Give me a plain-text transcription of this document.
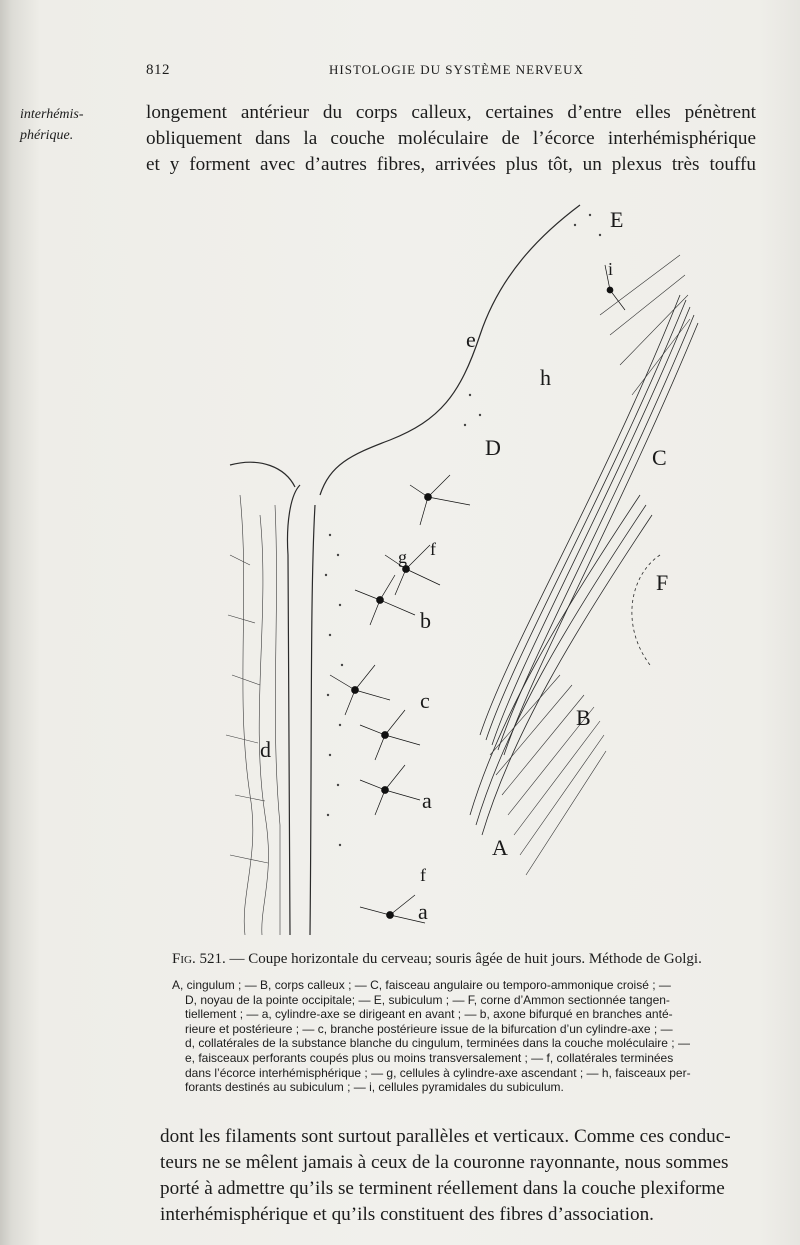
812	HISTOLOGIE DU SYSTÈME NERVEUX
interhémis-
phérique.
longement antérieur du corps calleux, certaines d’entre elles pénètrent
obliquement dans la couche moléculaire de l’écorce interhémisphérique
et y forment avec d’autres fibres, arrivées plus tôt, un plexus très touffu
E
i
e
h
D	C
F
g f
b
c
B
d
a
A
f
a
Fig. 521. — Coupe horizontale du cerveau; souris âgée de huit jours. Méthode de Golgi.
A, cingulum ; — B, corps calleux ; — C, faisceau angulaire ou temporo-ammonique croisé ; —
D, noyau de la pointe occipitale; — E, subiculum ; — F, corne d’Ammon sectionnée tangen-
tiellement ; — a, cylindre-axe se dirigeant en avant ; — b, axone bifurqué en branches anté-
rieure et postérieure ; — c, branche postérieure issue de la bifurcation d’un cylindre-axe ; —
d, collatérales de la substance blanche du cingulum, terminées dans la couche moléculaire ; —
e, faisceaux perforants coupés plus ou moins transversalement ; — f, collatérales terminées
dans l’écorce interhémisphérique ; — g, cellules à cylindre-axe ascendant ; — h, faisceaux per-
forants destinés au subiculum ; — i, cellules pyramidales du subiculum.
dont les filaments sont surtout parallèles et verticaux. Comme ces conduc-
teurs ne se mêlent jamais à ceux de la couronne rayonnante, nous sommes
porté à admettre qu’ils se terminent réellement dans la couche plexiforme
interhémisphérique et qu’ils constituent des fibres d’association.
